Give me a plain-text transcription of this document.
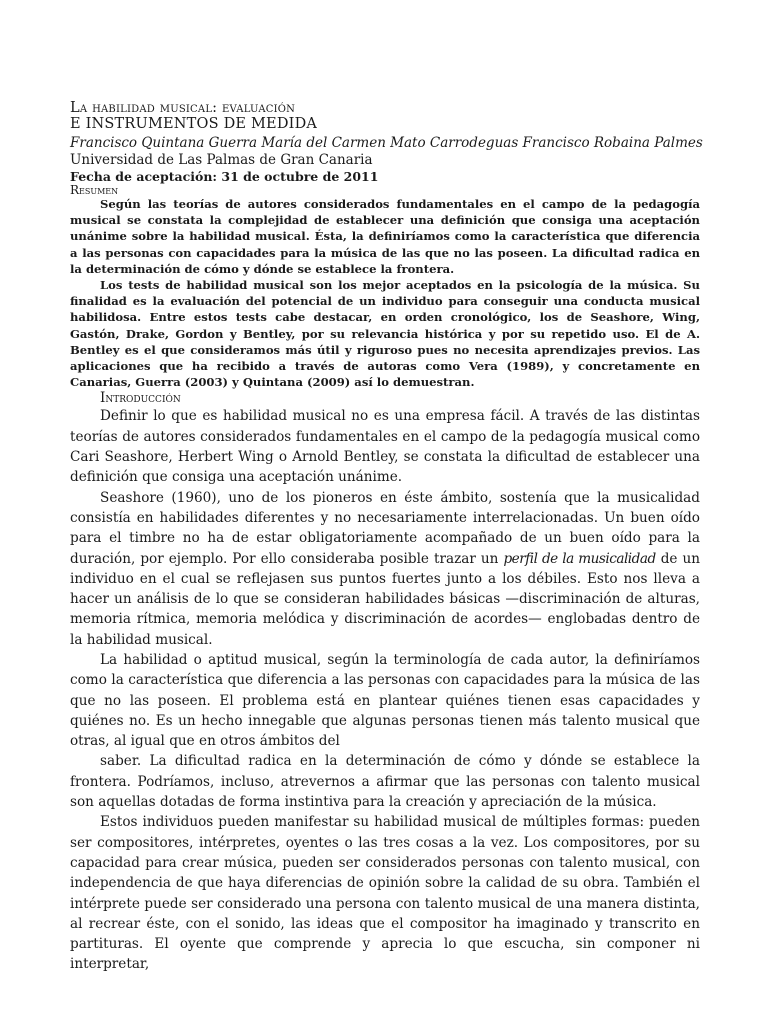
La habilidad musical: evaluación
E INSTRUMENTOS DE MEDIDA
Francisco Quintana Guerra María del Carmen Mato Carrodeguas Francisco Robaina Palmes
Universidad de Las Palmas de Gran Canaria
Fecha de aceptación: 31 de octubre de 2011
Resumen

Según las teorías de autores considerados fundamentales en el campo de la pedagogía musical se constata la complejidad de establecer una definición que consiga una aceptación unánime sobre la habilidad musical. Ésta, la definiríamos como la característica que diferencia a las personas con capacidades para la música de las que no las poseen. La dificultad radica en la determinación de cómo y dónde se establece la frontera.

Los tests de habilidad musical son los mejor aceptados en la psicología de la música. Su finalidad es la evaluación del potencial de un individuo para conseguir una conducta musical habilidosa. Entre estos tests cabe destacar, en orden cronológico, los de Seashore, Wing, Gastón, Drake, Gordon y Bentley, por su relevancia histórica y por su repetido uso. El de A. Bentley es el que consideramos más útil y riguroso pues no necesita aprendizajes previos. Las aplicaciones que ha recibido a través de autoras como Vera (1989), y concretamente en Canarias, Guerra (2003) y Quintana (2009) así lo demuestran.

Introducción

Definir lo que es habilidad musical no es una empresa fácil. A través de las distintas teorías de autores considerados fundamentales en el campo de la pedagogía musical como Cari Seashore, Herbert Wing o Arnold Bentley, se constata la dificultad de establecer una definición que consiga una aceptación unánime.

Seashore (1960), uno de los pioneros en éste ámbito, sostenía que la musicalidad consistía en habilidades diferentes y no necesariamente interrelacionadas. Un buen oído para el timbre no ha de estar obligatoriamente acompañado de un buen oído para la duración, por ejemplo. Por ello consideraba posible trazar un perfil de la musicalidad de un individuo en el cual se reflejasen sus puntos fuertes junto a los débiles. Esto nos lleva a hacer un análisis de lo que se consideran habilidades básicas —discriminación de alturas, memoria rítmica, memoria melódica y discriminación de acordes— englobadas dentro de la habilidad musical.

La habilidad o aptitud musical, según la terminología de cada autor, la definiríamos como la característica que diferencia a las personas con capacidades para la música de las que no las poseen. El problema está en plantear quiénes tienen esas capacidades y quiénes no. Es un hecho innegable que algunas personas tienen más talento musical que otras, al igual que en otros ámbitos del

saber. La dificultad radica en la determinación de cómo y dónde se establece la frontera. Podríamos, incluso, atrevernos a afirmar que las personas con talento musical son aquellas dotadas de forma instintiva para la creación y apreciación de la música.

Estos individuos pueden manifestar su habilidad musical de múltiples formas: pueden ser compositores, intérpretes, oyentes o las tres cosas a la vez. Los compositores, por su capacidad para crear música, pueden ser considerados personas con talento musical, con independencia de que haya diferencias de opinión sobre la calidad de su obra. También el intérprete puede ser considerado una persona con talento musical de una manera distinta, al recrear éste, con el sonido, las ideas que el compositor ha imaginado y transcrito en partituras. El oyente que comprende y aprecia lo que escucha, sin componer ni interpretar,
